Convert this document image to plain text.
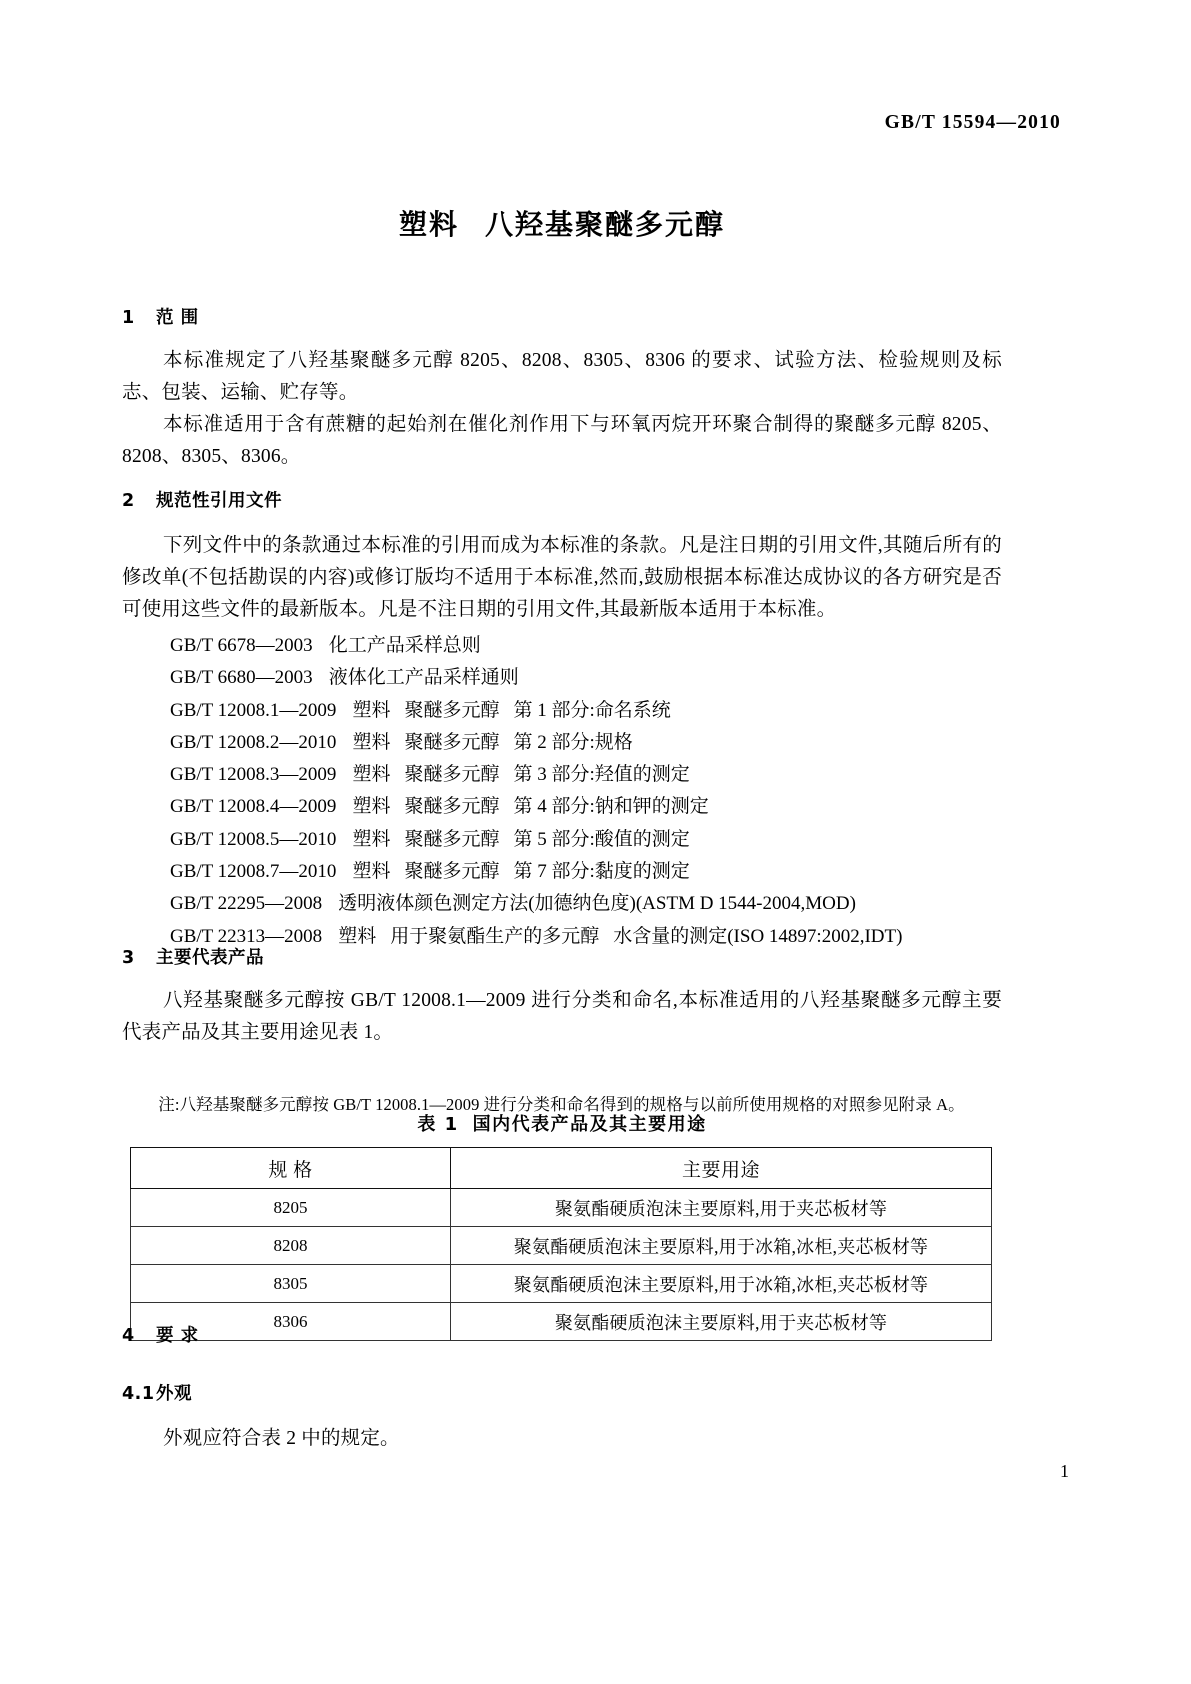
GB/T 15594—2010
塑料 八羟基聚醚多元醇
1 范 围

本标准规定了八羟基聚醚多元醇 8205、8208、8305、8306 的要求、试验方法、检验规则及标志、包装、运输、贮存等。

本标准适用于含有蔗糖的起始剂在催化剂作用下与环氧丙烷开环聚合制得的聚醚多元醇 8205、8208、8305、8306。

2 规范性引用文件

下列文件中的条款通过本标准的引用而成为本标准的条款。凡是注日期的引用文件,其随后所有的修改单(不包括勘误的内容)或修订版均不适用于本标准,然而,鼓励根据本标准达成协议的各方研究是否可使用这些文件的最新版本。凡是不注日期的引用文件,其最新版本适用于本标准。

GB/T 6678—2003 化工产品采样总则
GB/T 6680—2003 液体化工产品采样通则
GB/T 12008.1—2009 塑料 聚醚多元醇 第 1 部分:命名系统
GB/T 12008.2—2010 塑料 聚醚多元醇 第 2 部分:规格
GB/T 12008.3—2009 塑料 聚醚多元醇 第 3 部分:羟值的测定
GB/T 12008.4—2009 塑料 聚醚多元醇 第 4 部分:钠和钾的测定
GB/T 12008.5—2010 塑料 聚醚多元醇 第 5 部分:酸值的测定
GB/T 12008.7—2010 塑料 聚醚多元醇 第 7 部分:黏度的测定
GB/T 22295—2008 透明液体颜色测定方法(加德纳色度)(ASTM D 1544-2004,MOD)
GB/T 22313—2008 塑料 用于聚氨酯生产的多元醇 水含量的测定(ISO 14897:2002,IDT)
3 主要代表产品

八羟基聚醚多元醇按 GB/T 12008.1—2009 进行分类和命名,本标准适用的八羟基聚醚多元醇主要代表产品及其主要用途见表 1。

注:八羟基聚醚多元醇按 GB/T 12008.1—2009 进行分类和命名得到的规格与以前所使用规格的对照参见附录 A。

表 1 国内代表产品及其主要用途
规 格	主要用途
8205	聚氨酯硬质泡沫主要原料,用于夹芯板材等
8208	聚氨酯硬质泡沫主要原料,用于冰箱,冰柜,夹芯板材等
8305	聚氨酯硬质泡沫主要原料,用于冰箱,冰柜,夹芯板材等
8306	聚氨酯硬质泡沫主要原料,用于夹芯板材等
4 要 求
4.1外观

外观应符合表 2 中的规定。

1
